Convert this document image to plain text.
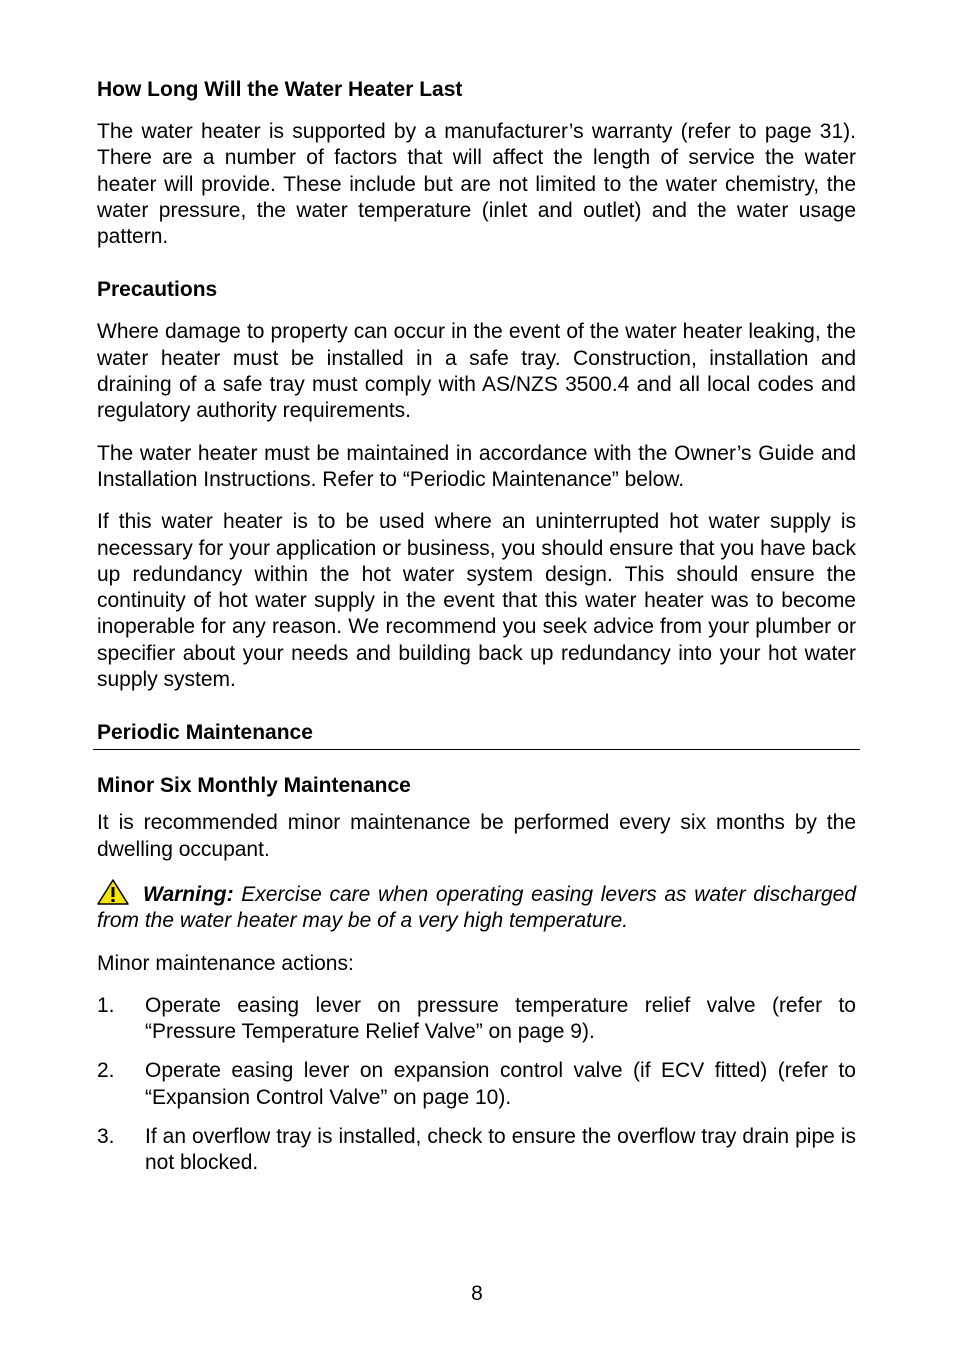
How Long Will the Water Heater Last

The water heater is supported by a manufacturer’s warranty (refer to page 31). There are a number of factors that will affect the length of service the water heater will provide. These include but are not limited to the water chemistry, the water pressure, the water temperature (inlet and outlet) and the water usage pattern.

Precautions

Where damage to property can occur in the event of the water heater leaking, the water heater must be installed in a safe tray. Construction, installation and draining of a safe tray must comply with AS/NZS 3500.4 and all local codes and regulatory authority requirements.

The water heater must be maintained in accordance with the Owner’s Guide and Installation Instructions. Refer to “Periodic Maintenance” below.

If this water heater is to be used where an uninterrupted hot water supply is necessary for your application or business, you should ensure that you have back up redundancy within the hot water system design. This should ensure the continuity of hot water supply in the event that this water heater was to become inoperable for any reason. We recommend you seek advice from your plumber or specifier about your needs and building back up redundancy into your hot water supply system.

Periodic Maintenance
Minor Six Monthly Maintenance

It is recommended minor maintenance be performed every six months by the dwelling occupant.

Warning: Exercise care when operating easing levers as water discharged from the water heater may be of a very high temperature.

Minor maintenance actions:

1.	Operate easing lever on pressure temperature relief valve (refer to “Pressure Temperature Relief Valve” on page 9).
2.	Operate easing lever on expansion control valve (if ECV fitted) (refer to “Expansion Control Valve” on page 10).
3.	If an overflow tray is installed, check to ensure the overflow tray drain pipe is not blocked.
8
